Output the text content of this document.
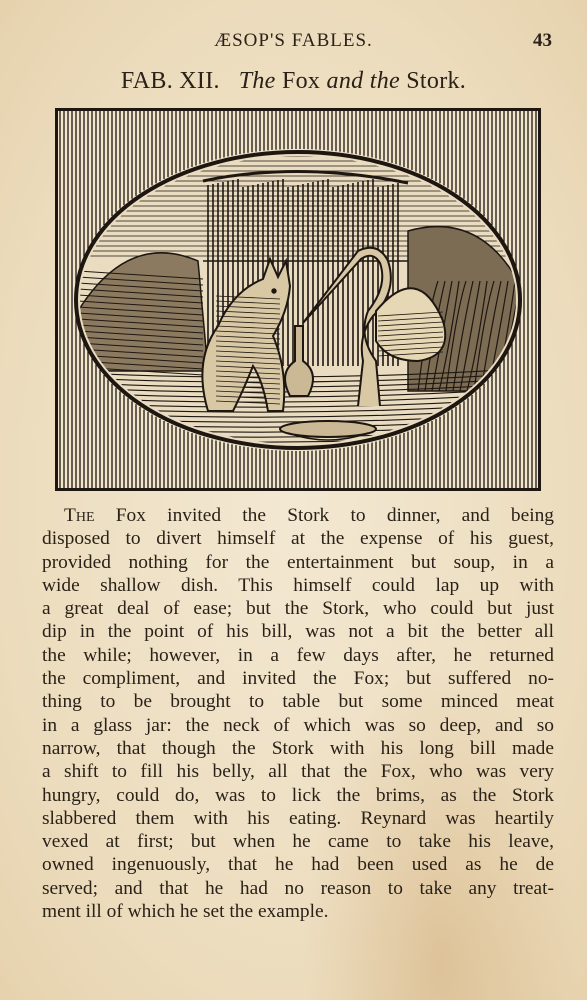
ÆSOP'S FABLES.	43
FAB. XII. The Fox and the Stork.
The Fox invited the Stork to dinner, and being
disposed to divert himself at the expense of his guest,
provided nothing for the entertainment but soup, in a
wide shallow dish. This himself could lap up with
a great deal of ease; but the Stork, who could but just
dip in the point of his bill, was not a bit the better all
the while; however, in a few days after, he returned
the compliment, and invited the Fox; but suffered no-
thing to be brought to table but some minced meat
in a glass jar: the neck of which was so deep, and so
narrow, that though the Stork with his long bill made
a shift to fill his belly, all that the Fox, who was very
hungry, could do, was to lick the brims, as the Stork
slabbered them with his eating. Reynard was heartily
vexed at first; but when he came to take his leave,
owned ingenuously, that he had been used as he de
served; and that he had no reason to take any treat-
ment ill of which he set the example.
